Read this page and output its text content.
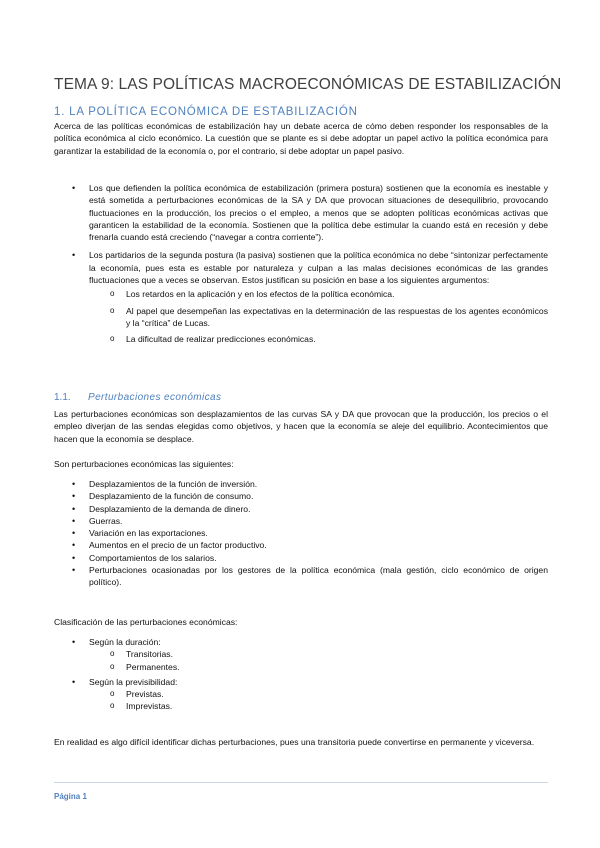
TEMA 9: LAS POLÍTICAS MACROECONÓMICAS DE ESTABILIZACIÓN
1. LA POLÍTICA ECONÓMICA DE ESTABILIZACIÓN

Acerca de las políticas económicas de estabilización hay un debate acerca de cómo deben responder los responsables de la política económica al ciclo económico. La cuestión que se plante es si debe adoptar un papel activo la política económica para garantizar la estabilidad de la economía o, por el contrario, si debe adoptar un papel pasivo.

• Los que defienden la política económica de estabilización (primera postura) sostienen que la economía es inestable y está sometida a perturbaciones económicas de la SA y DA que provocan situaciones de desequilibrio, provocando fluctuaciones en la producción, los precios o el empleo, a menos que se adopten políticas económicas activas que garanticen la estabilidad de la economía. Sostienen que la política debe estimular la cuando está en recesión y debe frenarla cuando está creciendo (“navegar a contra corriente”).
• Los partidarios de la segunda postura (la pasiva) sostienen que la política económica no debe “sintonizar perfectamente la economía, pues esta es estable por naturaleza y culpan a las malas decisiones económicas de las grandes fluctuaciones que a veces se observan. Estos justifican su posición en base a los siguientes argumentos:
o Los retardos en la aplicación y en los efectos de la política económica.
o Al papel que desempeñan las expectativas en la determinación de las respuestas de los agentes económicos y la “crítica” de Lucas.
o La dificultad de realizar predicciones económicas.
1.1. Perturbaciones económicas

Las perturbaciones económicas son desplazamientos de las curvas SA y DA que provocan que la producción, los precios o el empleo diverjan de las sendas elegidas como objetivos, y hacen que la economía se aleje del equilibrio. Acontecimientos que hacen que la economía se desplace.

Son perturbaciones económicas las siguientes:

• Desplazamientos de la función de inversión.
• Desplazamiento de la función de consumo.
• Desplazamiento de la demanda de dinero.
• Guerras.
• Variación en las exportaciones.
• Aumentos en el precio de un factor productivo.
• Comportamientos de los salarios.
• Perturbaciones ocasionadas por los gestores de la política económica (mala gestión, ciclo económico de origen político).

Clasificación de las perturbaciones económicas:

• Según la duración:
o Transitorias.
o Permanentes.
• Según la previsibilidad:
o Previstas.
o Imprevistas.

En realidad es algo difícil identificar dichas perturbaciones, pues una transitoria puede convertirse en permanente y viceversa.

Página 1
